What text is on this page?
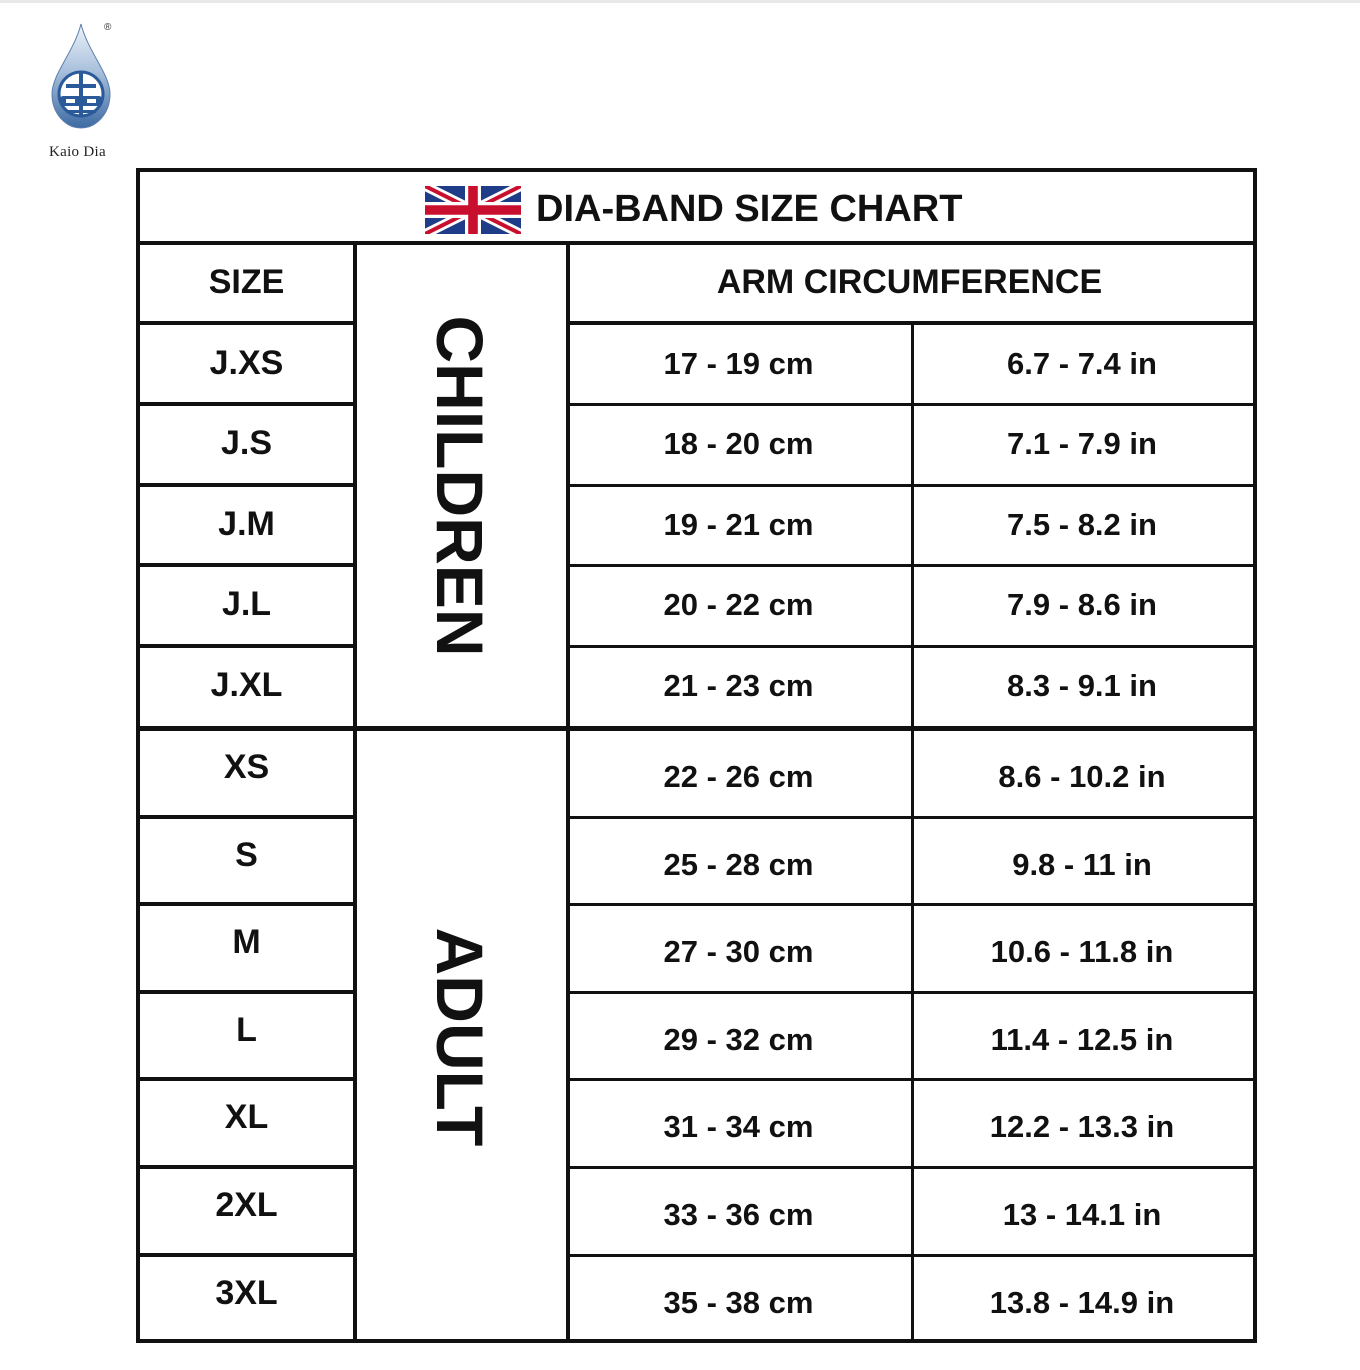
®
Kaio Dia
DIA-BAND SIZE CHART
SIZE	ARM CIRCUMFERENCE
J.XS	17 - 19 cm	6.7 - 7.4 in
J.S	18 - 20 cm	7.1 - 7.9 in
J.M	19 - 21 cm	7.5 - 8.2 in
J.L	20 - 22 cm	7.9 - 8.6 in
J.XL	21 - 23 cm	8.3 - 9.1 in
XS	22 - 26 cm	8.6 - 10.2 in
S	25 - 28 cm	9.8 - 11 in
M	27 - 30 cm	10.6 - 11.8 in
L	29 - 32 cm	11.4 - 12.5 in
XL	31 - 34 cm	12.2 - 13.3 in
2XL	33 - 36 cm	13 - 14.1 in
3XL	35 - 38 cm	13.8 - 14.9 in
CHILDREN
ADULT
